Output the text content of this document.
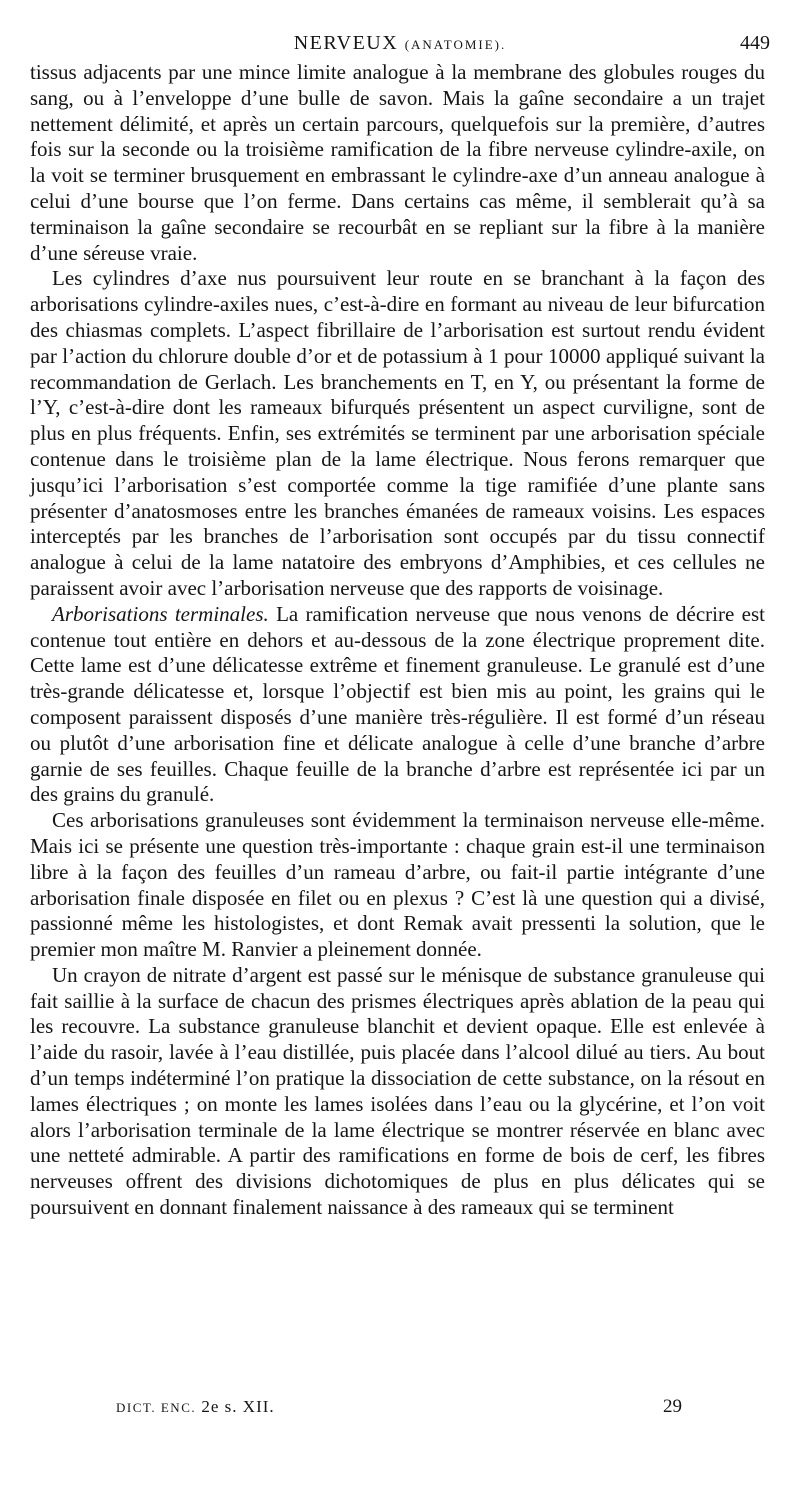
NERVEUX (ANATOMIE).	449

tissus adjacents par une mince limite analogue à la membrane des globules rouges du sang, ou à l’enveloppe d’une bulle de savon. Mais la gaîne secondaire a un trajet nettement délimité, et après un certain parcours, quelquefois sur la première, d’autres fois sur la seconde ou la troisième ramification de la fibre nerveuse cylindre-axile, on la voit se terminer brusquement en embrassant le cylindre-axe d’un anneau analogue à celui d’une bourse que l’on ferme. Dans certains cas même, il semblerait qu’à sa terminaison la gaîne secondaire se recourbât en se repliant sur la fibre à la manière d’une séreuse vraie.

Les cylindres d’axe nus poursuivent leur route en se branchant à la façon des arborisations cylindre-axiles nues, c’est-à-dire en formant au niveau de leur bifurcation des chiasmas complets. L’aspect fibrillaire de l’arborisation est surtout rendu évident par l’action du chlorure double d’or et de potassium à 1 pour 10000 appliqué suivant la recommandation de Gerlach. Les branchements en T, en Y, ou présentant la forme de l’Y, c’est-à-dire dont les rameaux bifurqués présentent un aspect curviligne, sont de plus en plus fréquents. Enfin, ses extrémités se terminent par une arborisation spéciale contenue dans le troisième plan de la lame électrique. Nous ferons remarquer que jusqu’ici l’arborisation s’est comportée comme la tige ramifiée d’une plante sans présenter d’anatosmoses entre les branches émanées de rameaux voisins. Les espaces interceptés par les branches de l’arborisation sont occupés par du tissu connectif analogue à celui de la lame natatoire des embryons d’Amphibies, et ces cellules ne paraissent avoir avec l’arborisation nerveuse que des rapports de voisinage.

Arborisations terminales. La ramification nerveuse que nous venons de décrire est contenue tout entière en dehors et au-dessous de la zone électrique proprement dite. Cette lame est d’une délicatesse extrême et finement granuleuse. Le granulé est d’une très-grande délicatesse et, lorsque l’objectif est bien mis au point, les grains qui le composent paraissent disposés d’une manière très-régulière. Il est formé d’un réseau ou plutôt d’une arborisation fine et délicate analogue à celle d’une branche d’arbre garnie de ses feuilles. Chaque feuille de la branche d’arbre est représentée ici par un des grains du granulé.

Ces arborisations granuleuses sont évidemment la terminaison nerveuse elle-même. Mais ici se présente une question très-importante : chaque grain est-il une terminaison libre à la façon des feuilles d’un rameau d’arbre, ou fait-il partie intégrante d’une arborisation finale disposée en filet ou en plexus ? C’est là une question qui a divisé, passionné même les histologistes, et dont Remak avait pressenti la solution, que le premier mon maître M. Ranvier a pleinement donnée.

Un crayon de nitrate d’argent est passé sur le ménisque de substance granuleuse qui fait saillie à la surface de chacun des prismes électriques après ablation de la peau qui les recouvre. La substance granuleuse blanchit et devient opaque. Elle est enlevée à l’aide du rasoir, lavée à l’eau distillée, puis placée dans l’alcool dilué au tiers. Au bout d’un temps indéterminé l’on pratique la dissociation de cette substance, on la résout en lames électriques ; on monte les lames isolées dans l’eau ou la glycérine, et l’on voit alors l’arborisation terminale de la lame électrique se montrer réservée en blanc avec une netteté admirable. A partir des ramifications en forme de bois de cerf, les fibres nerveuses offrent des divisions dichotomiques de plus en plus délicates qui se poursuivent en donnant finalement naissance à des rameaux qui se terminent

DICT. ENC. 2e s. XII.	29
